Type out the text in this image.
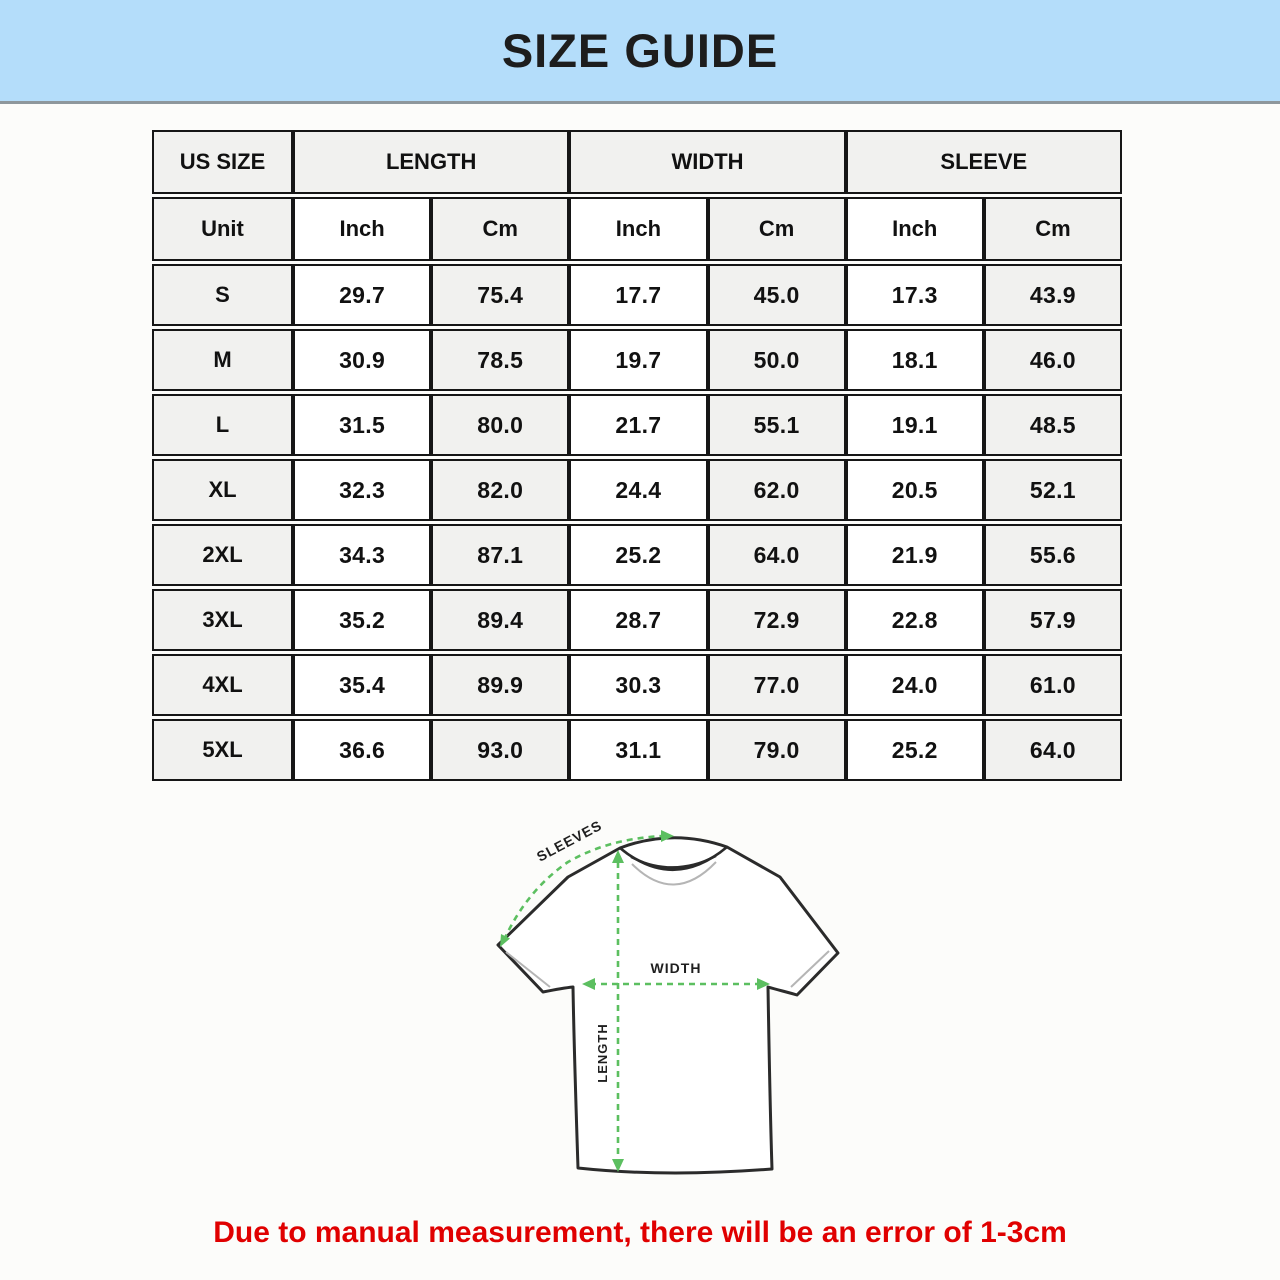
SIZE GUIDE
US SIZE	LENGTH	WIDTH	SLEEVE
Unit	Inch	Cm	Inch	Cm	Inch	Cm
S	29.7	75.4	17.7	45.0	17.3	43.9
M	30.9	78.5	19.7	50.0	18.1	46.0
L	31.5	80.0	21.7	55.1	19.1	48.5
XL	32.3	82.0	24.4	62.0	20.5	52.1
2XL	34.3	87.1	25.2	64.0	21.9	55.6
3XL	35.2	89.4	28.7	72.9	22.8	57.9
4XL	35.4	89.9	30.3	77.0	24.0	61.0
5XL	36.6	93.0	31.1	79.0	25.2	64.0
SLEEVES
WIDTH
LENGTH
Due to manual measurement, there will be an error of 1-3cm
